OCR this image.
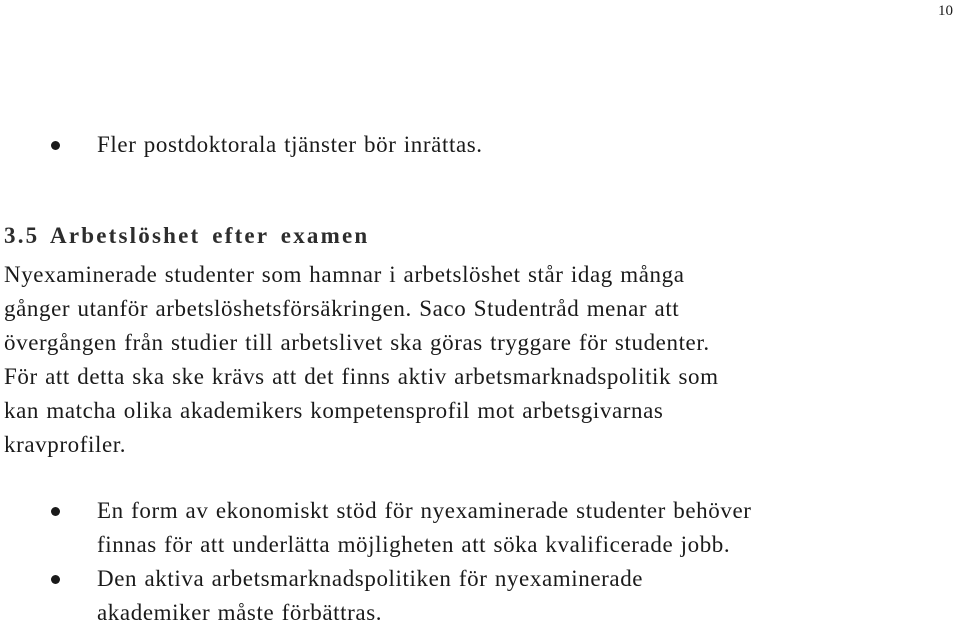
10
Fler postdoktorala tjänster bör inrättas.
3.5 Arbetslöshet efter examen

Nyexaminerade studenter som hamnar i arbetslöshet står idag många
gånger utanför arbetslöshetsförsäkringen. Saco Studentråd menar att
övergången från studier till arbetslivet ska göras tryggare för studenter.
För att detta ska ske krävs att det finns aktiv arbetsmarknadspolitik som
kan matcha olika akademikers kompetensprofil mot arbetsgivarnas
kravprofiler.

En form av ekonomiskt stöd för nyexaminerade studenter behöver
finnas för att underlätta möjligheten att söka kvalificerade jobb.
Den aktiva arbetsmarknadspolitiken för nyexaminerade
akademiker måste förbättras.
